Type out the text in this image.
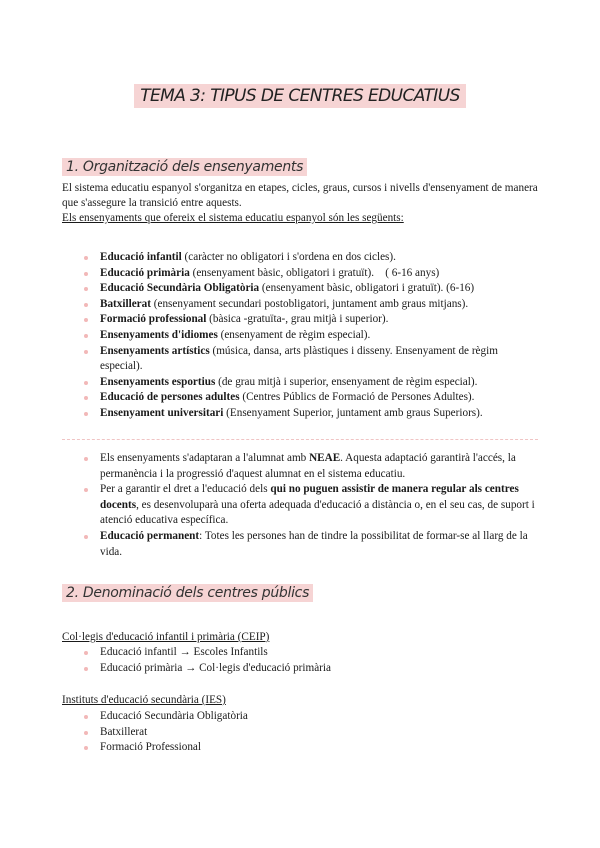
TEMA 3: TIPUS DE CENTRES EDUCATIUS
1. Organització dels ensenyaments
El sistema educatiu espanyol s'organitza en etapes, cicles, graus, cursos i nivells d'ensenyament de manera que s'assegure la transició entre aquests.
Els ensenyaments que ofereix el sistema educatiu espanyol són les següents:
Educació infantil (caràcter no obligatori i s'ordena en dos cicles).
Educació primària (ensenyament bàsic, obligatori i gratuït).    ( 6-16 anys)
Educació Secundària Obligatòria (ensenyament bàsic, obligatori i gratuït). (6-16)
Batxillerat (ensenyament secundari postobligatori, juntament amb graus mitjans).
Formació professional (bàsica -gratuïta-, grau mitjà i superior).
Ensenyaments d'idiomes (ensenyament de règim especial).
Ensenyaments artístics (música, dansa, arts plàstiques i disseny. Ensenyament de règim especial).
Ensenyaments esportius (de grau mitjà i superior, ensenyament de règim especial).
Educació de persones adultes (Centres Públics de Formació de Persones Adultes).
Ensenyament universitari (Ensenyament Superior, juntament amb graus Superiors).
Els ensenyaments s'adaptaran a l'alumnat amb NEAE. Aquesta adaptació garantirà l'accés, la permanència i la progressió d'aquest alumnat en el sistema educatiu.
Per a garantir el dret a l'educació dels qui no puguen assistir de manera regular als centres docents, es desenvoluparà una oferta adequada d'educació a distància o, en el seu cas, de suport i atenció educativa específica.
Educació permanent: Totes les persones han de tindre la possibilitat de formar-se al llarg de la vida.
2. Denominació dels centres públics
Col·legis d'educació infantil i primària (CEIP)
Educació infantil → Escoles Infantils
Educació primària → Col·legis d'educació primària
Instituts d'educació secundària (IES)
Educació Secundària Obligatòria
Batxillerat
Formació Professional
